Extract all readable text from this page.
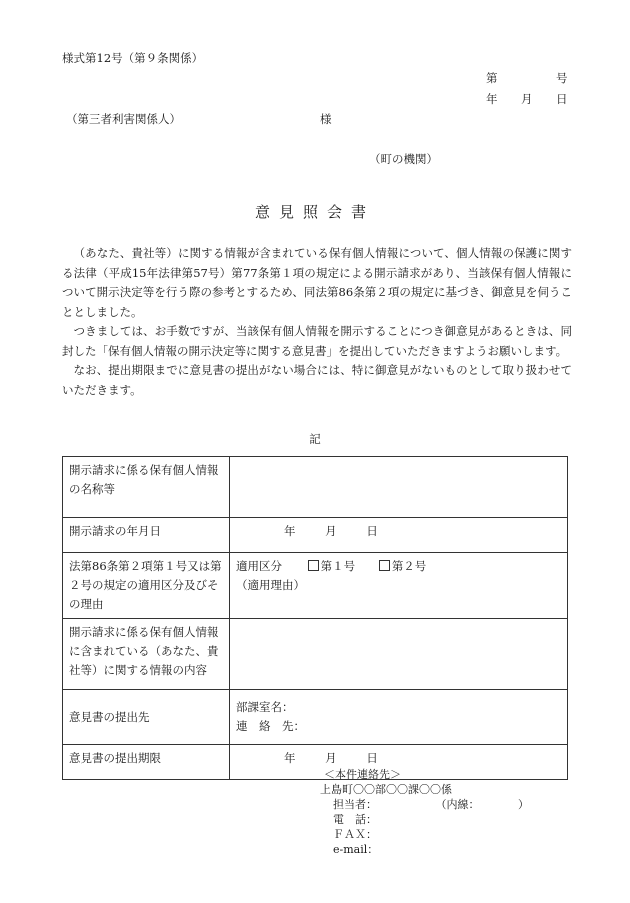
様式第12号（第９条関係）
第	号
年 月 日
（第三者利害関係人）	様
（町の機関）
意見照会書

（あなた、貴社等）に関する情報が含まれている保有個人情報について、個人情報の保護に関する法律（平成15年法律第57号）第77条第１項の規定による開示請求があり、当該保有個人情報について開示決定等を行う際の参考とするため、同法第86条第２項の規定に基づき、御意見を伺うこととしました。

つきましては、お手数ですが、当該保有個人情報を開示することにつき御意見があるときは、同封した「保有個人情報の開示決定等に関する意見書」を提出していただきますようお願いします。

なお、提出期限までに意見書の提出がない場合には、特に御意見がないものとして取り扱わせていただきます。

記
開示請求に係る保有個人情報の名称等	
開示請求の年月日	年 月 日
法第86条第２項第１号又は第２号の規定の適用区分及びその理由	適用区分 第１号 第２号
（適用理由）

開示請求に係る保有個人情報に含まれている（あなた、貴社等）に関する情報の内容	
意見書の提出先	部課室名：
連　絡　先：

意見書の提出期限	年 月 日
＜本件連絡先＞
上島町〇〇部〇〇課〇〇係
担当者：	（内線：　　　　）
電　話：
ＦＡＸ：
e-mail：
